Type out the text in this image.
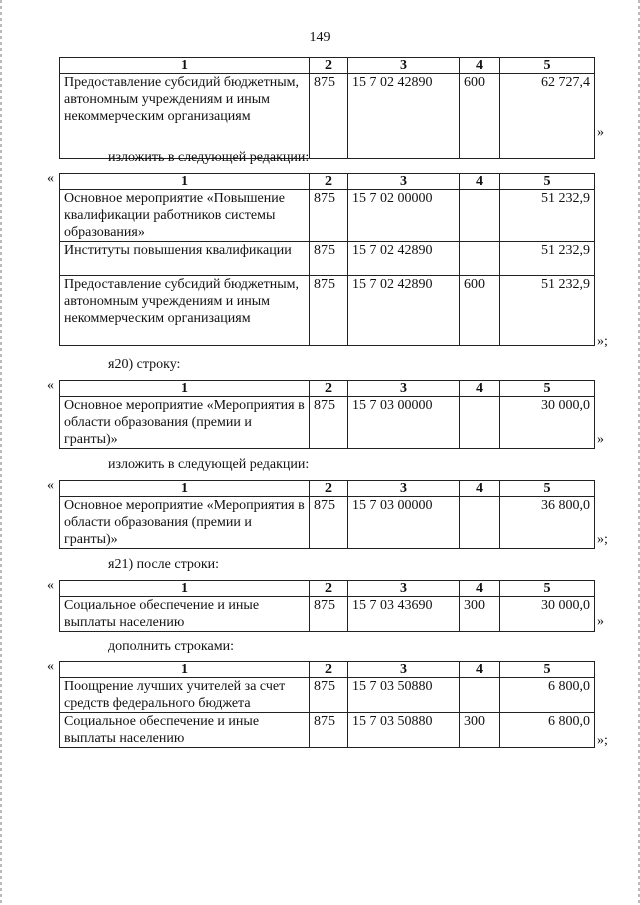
149
1	2	3	4	5
Предоставление субсидий бюджетным, автономным учреждениям и иным некоммерческим организациям	875	15 7 02 42890	600	62 727,4
»
изложить в следующей редакции:
«	1	2	3	4	5
Основное мероприятие «Повышение квалификации работников системы образования»	875	15 7 02 00000		51 232,9
Институты повышения квалификации	875	15 7 02 42890		51 232,9
Предоставление субсидий бюджетным, автономным учреждениям и иным некоммерческим организациям	875	15 7 02 42890	600	51 232,9
»;
я20) строку:
«	1	2	3	4	5
Основное мероприятие «Мероприятия в области образования (премии и гранты)»	875	15 7 03 00000		30 000,0
»
изложить в следующей редакции:
«	1	2	3	4	5
Основное мероприятие «Мероприятия в области образования (премии и гранты)»	875	15 7 03 00000		36 800,0
»;
я21) после строки:
«	1	2	3	4	5
Социальное обеспечение и иные выплаты населению	875	15 7 03 43690	300	30 000,0
»
дополнить строками:
«	1	2	3	4	5
Поощрение лучших учителей за счет средств федерального бюджета	875	15 7 03 50880		6 800,0
Социальное обеспечение и иные выплаты населению	875	15 7 03 50880	300	6 800,0
»;
